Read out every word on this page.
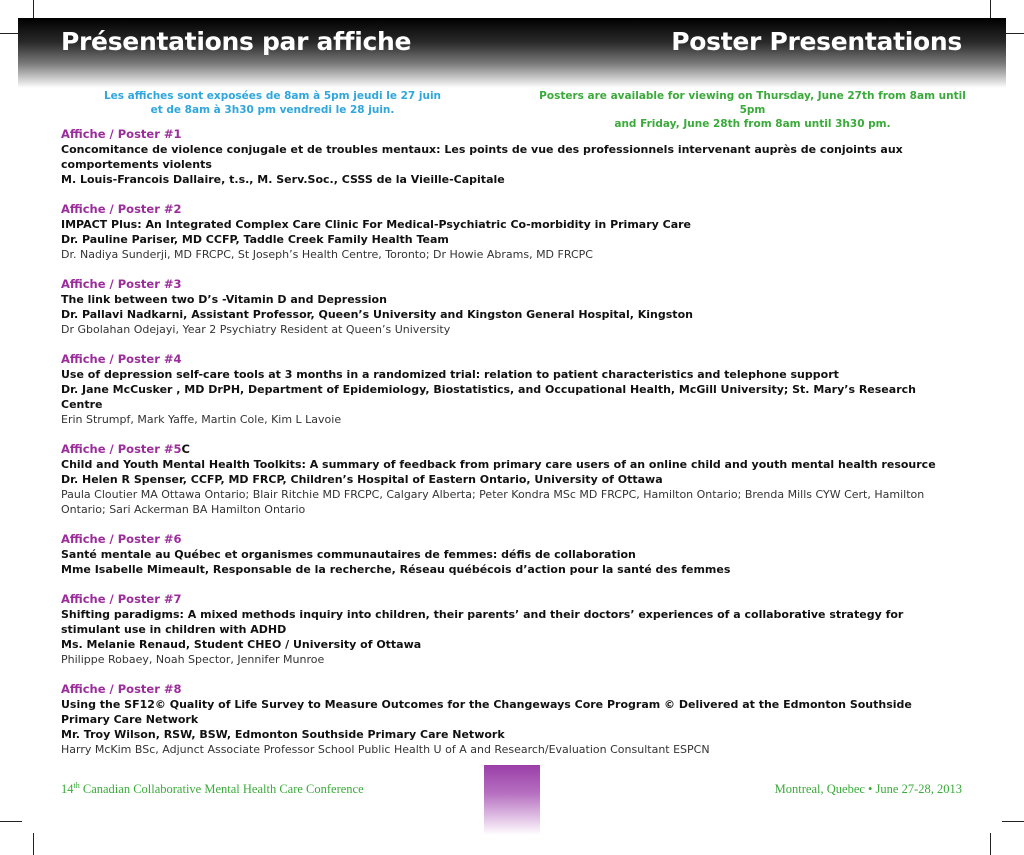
Présentations par affiche	Poster Presentations
Les affiches sont exposées de 8am à 5pm jeudi le 27 juin
et de 8am à 3h30 pm vendredi le 28 juin.
Posters are available for viewing on Thursday, June 27th from 8am until 5pm
and Friday, June 28th from 8am until 3h30 pm.
Affiche / Poster #1
Concomitance de violence conjugale et de troubles mentaux: Les points de vue des professionnels intervenant auprès de conjoints aux comportements violents
M. Louis-Francois Dallaire, t.s., M. Serv.Soc., CSSS de la Vieille-Capitale
Affiche / Poster #2
IMPACT Plus: An Integrated Complex Care Clinic For Medical-Psychiatric Co-morbidity in Primary Care
Dr. Pauline Pariser, MD CCFP, Taddle Creek Family Health Team
Dr. Nadiya Sunderji, MD FRCPC, St Joseph’s Health Centre, Toronto; Dr Howie Abrams, MD FRCPC
Affiche / Poster #3
The link between two D’s -Vitamin D and Depression
Dr. Pallavi Nadkarni, Assistant Professor, Queen’s University and Kingston General Hospital, Kingston
Dr Gbolahan Odejayi, Year 2 Psychiatry Resident at Queen’s University
Affiche / Poster #4
Use of depression self-care tools at 3 months in a randomized trial: relation to patient characteristics and telephone support
Dr. Jane McCusker , MD DrPH, Department of Epidemiology, Biostatistics, and Occupational Health, McGill University; St. Mary’s Research Centre
Erin Strumpf, Mark Yaffe, Martin Cole, Kim L Lavoie
Affiche / Poster #5C
Child and Youth Mental Health Toolkits: A summary of feedback from primary care users of an online child and youth mental health resource
Dr. Helen R Spenser, CCFP, MD FRCP, Children’s Hospital of Eastern Ontario, University of Ottawa
Paula Cloutier MA Ottawa Ontario; Blair Ritchie MD FRCPC, Calgary Alberta; Peter Kondra MSc MD FRCPC, Hamilton Ontario; Brenda Mills CYW Cert, Hamilton Ontario; Sari Ackerman BA Hamilton Ontario
Affiche / Poster #6
Santé mentale au Québec et organismes communautaires de femmes: défis de collaboration
Mme Isabelle Mimeault, Responsable de la recherche, Réseau québécois d’action pour la santé des femmes
Affiche / Poster #7
Shifting paradigms: A mixed methods inquiry into children, their parents’ and their doctors’ experiences of a collaborative strategy for stimulant use in children with ADHD
Ms. Melanie Renaud, Student CHEO / University of Ottawa
Philippe Robaey, Noah Spector, Jennifer Munroe
Affiche / Poster #8
Using the SF12© Quality of Life Survey to Measure Outcomes for the Changeways Core Program © Delivered at the Edmonton Southside Primary Care Network
Mr. Troy Wilson, RSW, BSW, Edmonton Southside Primary Care Network
Harry McKim BSc, Adjunct Associate Professor School Public Health U of A and Research/Evaluation Consultant ESPCN
14th Canadian Collaborative Mental Health Care Conference	Montreal, Quebec • June 27-28, 2013
